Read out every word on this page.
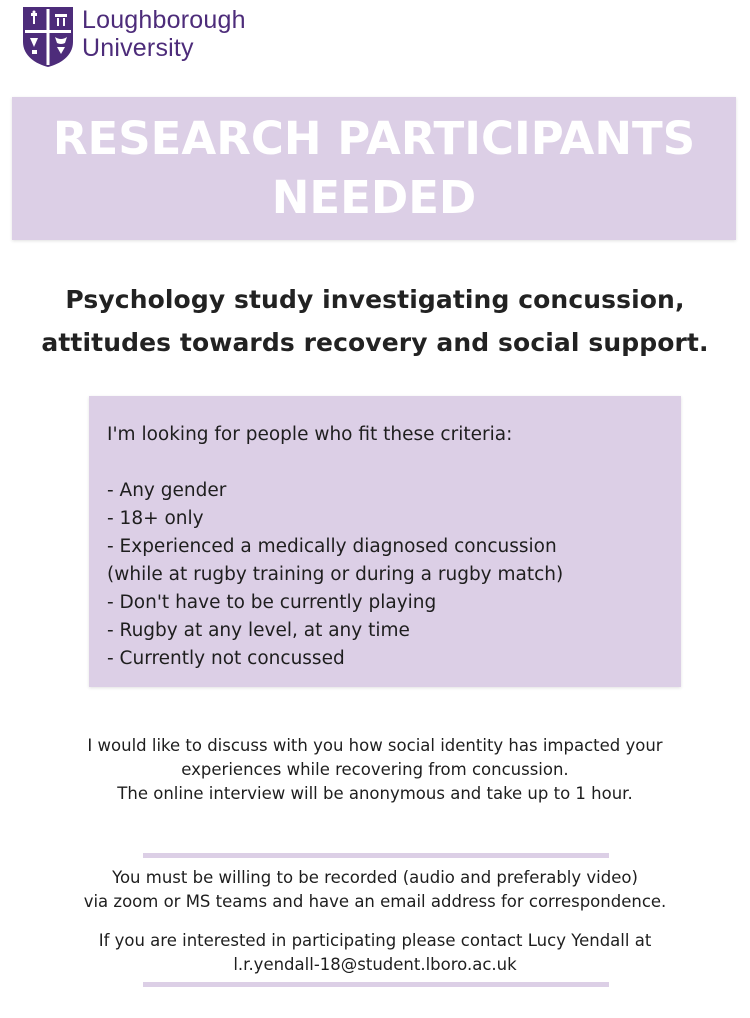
Loughborough
University
RESEARCH PARTICIPANTS
NEEDED
Psychology study investigating concussion,
attitudes towards recovery and social support.
I'm looking for people who fit these criteria:
- Any gender
- 18+ only
- Experienced a medically diagnosed concussion
(while at rugby training or during a rugby match)
- Don't have to be currently playing
- Rugby at any level, at any time
- Currently not concussed
I would like to discuss with you how social identity has impacted your
experiences while recovering from concussion.
The online interview will be anonymous and take up to 1 hour.
You must be willing to be recorded (audio and preferably video)
via zoom or MS teams and have an email address for correspondence.
If you are interested in participating please contact Lucy Yendall at
l.r.yendall-18@student.lboro.ac.uk
